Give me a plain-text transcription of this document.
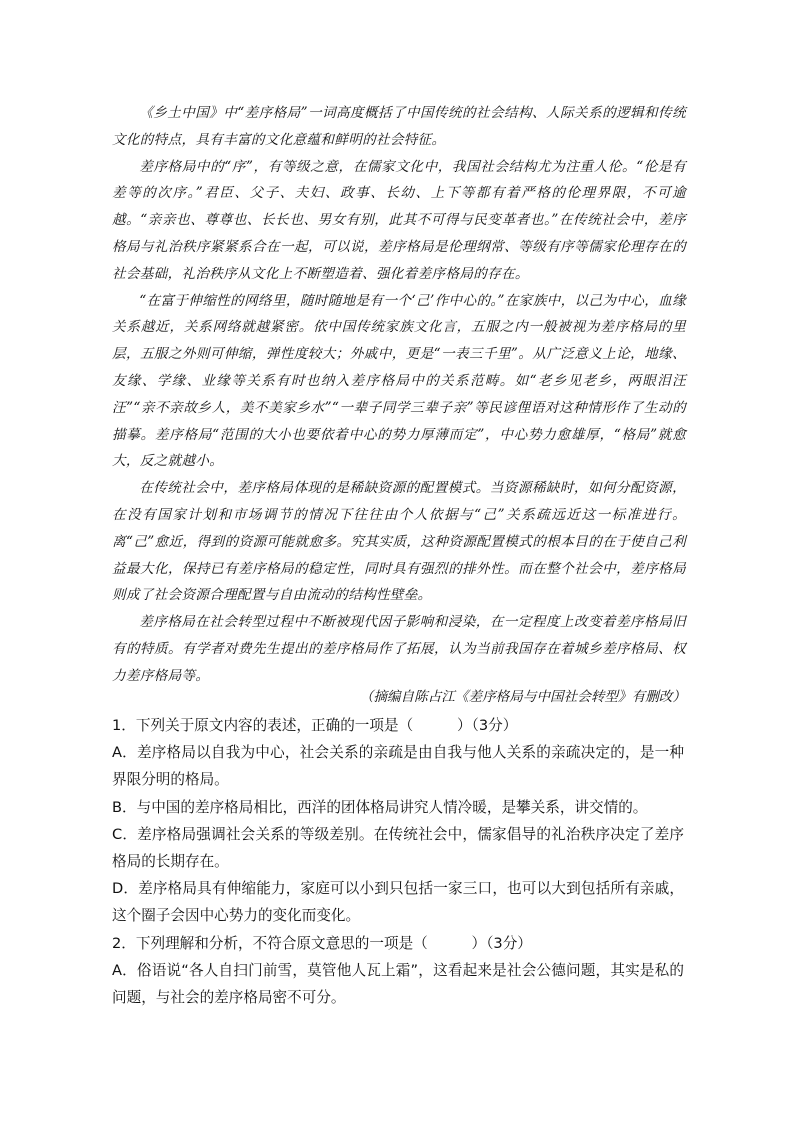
《乡土中国》中“差序格局”一词高度概括了中国传统的社会结构、人际关系的逻辑和传统文化的特点，具有丰富的文化意蕴和鲜明的社会特征。

差序格局中的“序”，有等级之意，在儒家文化中，我国社会结构尤为注重人伦。“伦是有差等的次序。”君臣、父子、夫妇、政事、长幼、上下等都有着严格的伦理界限，不可逾越。“亲亲也、尊尊也、长长也、男女有别，此其不可得与民变革者也。”在传统社会中，差序格局与礼治秩序紧紧系合在一起，可以说，差序格局是伦理纲常、等级有序等儒家伦理存在的社会基础，礼治秩序从文化上不断塑造着、强化着差序格局的存在。

“在富于伸缩性的网络里，随时随地是有一个‘己’作中心的。”在家族中，以己为中心，血缘关系越近，关系网络就越紧密。依中国传统家族文化言，五服之内一般被视为差序格局的里层，五服之外则可伸缩，弹性度较大；外戚中，更是“一表三千里”。从广泛意义上论，地缘、友缘、学缘、业缘等关系有时也纳入差序格局中的关系范畴。如“老乡见老乡，两眼泪汪汪”“亲不亲故乡人，美不美家乡水”“一辈子同学三辈子亲”等民谚俚语对这种情形作了生动的描摹。差序格局“范围的大小也要依着中心的势力厚薄而定”，中心势力愈雄厚，“格局”就愈大，反之就越小。

在传统社会中，差序格局体现的是稀缺资源的配置模式。当资源稀缺时，如何分配资源，在没有国家计划和市场调节的情况下往往由个人依据与“己”关系疏远近这一标准进行。离“己”愈近，得到的资源可能就愈多。究其实质，这种资源配置模式的根本目的在于使自己利益最大化，保持已有差序格局的稳定性，同时具有强烈的排外性。而在整个社会中，差序格局则成了社会资源合理配置与自由流动的结构性壁垒。

差序格局在社会转型过程中不断被现代因子影响和浸染，在一定程度上改变着差序格局旧有的特质。有学者对费先生提出的差序格局作了拓展，认为当前我国存在着城乡差序格局、权力差序格局等。

（摘编自陈占江《差序格局与中国社会转型》有删改）

1．下列关于原文内容的表述，正确的一项是（　　　）（3分）

A．差序格局以自我为中心，社会关系的亲疏是由自我与他人关系的亲疏决定的，是一种界限分明的格局。

B．与中国的差序格局相比，西洋的团体格局讲究人情冷暖，是攀关系，讲交情的。

C．差序格局强调社会关系的等级差别。在传统社会中，儒家倡导的礼治秩序决定了差序格局的长期存在。

D．差序格局具有伸缩能力，家庭可以小到只包括一家三口，也可以大到包括所有亲戚，这个圈子会因中心势力的变化而变化。

2．下列理解和分析，不符合原文意思的一项是（　　　）（3分）

A．俗语说“各人自扫门前雪，莫管他人瓦上霜”，这看起来是社会公德问题，其实是私的问题，与社会的差序格局密不可分。
